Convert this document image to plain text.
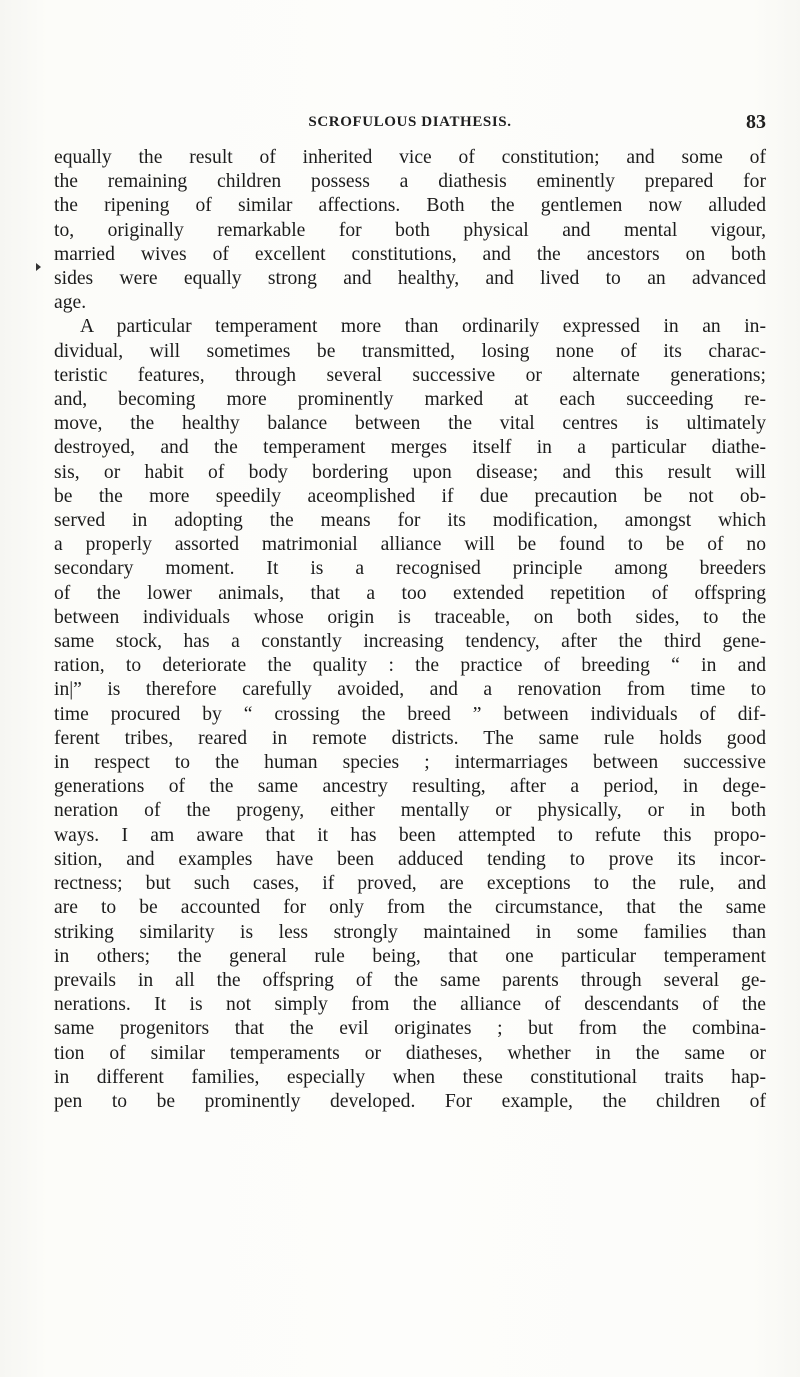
SCROFULOUS DIATHESIS.	83

equally the result of inherited vice of constitution; and some of
the remaining children possess a diathesis eminently prepared for
the ripening of similar affections. Both the gentlemen now alluded
to, originally remarkable for both physical and mental vigour,
married wives of excellent constitutions, and the ancestors on both
sides were equally strong and healthy, and lived to an advanced
age.

A particular temperament more than ordinarily expressed in an in-
dividual, will sometimes be transmitted, losing none of its charac-
teristic features, through several successive or alternate generations;
and, becoming more prominently marked at each succeeding re-
move, the healthy balance between the vital centres is ultimately
destroyed, and the temperament merges itself in a particular diathe-
sis, or habit of body bordering upon disease; and this result will
be the more speedily aceomplished if due precaution be not ob-
served in adopting the means for its modification, amongst which
a properly assorted matrimonial alliance will be found to be of no
secondary moment. It is a recognised principle among breeders
of the lower animals, that a too extended repetition of offspring
between individuals whose origin is traceable, on both sides, to the
same stock, has a constantly increasing tendency, after the third gene-
ration, to deteriorate the quality : the practice of breeding “ in and
in|” is therefore carefully avoided, and a renovation from time to
time procured by “ crossing the breed ” between individuals of dif-
ferent tribes, reared in remote districts. The same rule holds good
in respect to the human species ; intermarriages between successive
generations of the same ancestry resulting, after a period, in dege-
neration of the progeny, either mentally or physically, or in both
ways. I am aware that it has been attempted to refute this propo-
sition, and examples have been adduced tending to prove its incor-
rectness; but such cases, if proved, are exceptions to the rule, and
are to be accounted for only from the circumstance, that the same
striking similarity is less strongly maintained in some families than
in others; the general rule being, that one particular temperament
prevails in all the offspring of the same parents through several ge-
nerations. It is not simply from the alliance of descendants of the
same progenitors that the evil originates ; but from the combina-
tion of similar temperaments or diatheses, whether in the same or
in different families, especially when these constitutional traits hap-
pen to be prominently developed. For example, the children of
